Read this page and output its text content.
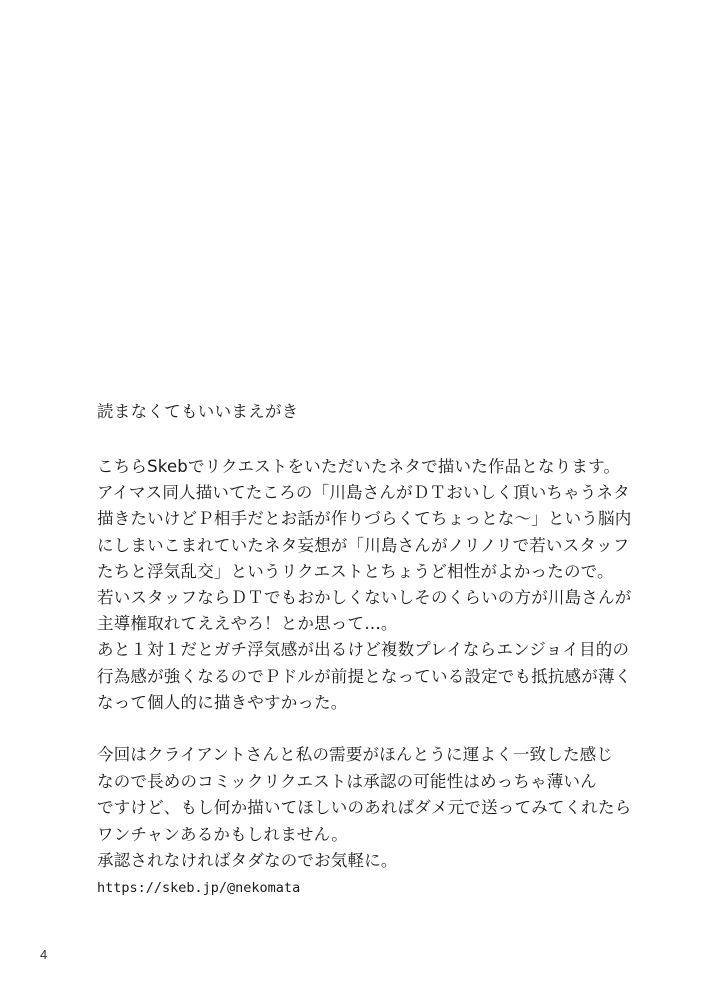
読まなくてもいいまえがき
こちらSkebでリクエストをいただいたネタで描いた作品となります。
アイマス同人描いてたころの「川島さんがＤＴおいしく頂いちゃうネタ
描きたいけどＰ相手だとお話が作りづらくてちょっとな～」という脳内
にしまいこまれていたネタ妄想が「川島さんがノリノリで若いスタッフ
たちと浮気乱交」というリクエストとちょうど相性がよかったので。
若いスタッフならＤＴでもおかしくないしそのくらいの方が川島さんが
主導権取れてええやろ！とか思って…。
あと１対１だとガチ浮気感が出るけど複数プレイならエンジョイ目的の
行為感が強くなるのでＰドルが前提となっている設定でも抵抗感が薄く
なって個人的に描きやすかった。
今回はクライアントさんと私の需要がほんとうに運よく一致した感じ
なので長めのコミックリクエストは承認の可能性はめっちゃ薄いん
ですけど、もし何か描いてほしいのあればダメ元で送ってみてくれたら
ワンチャンあるかもしれません。
承認されなければタダなのでお気軽に。
https://skeb.jp/@nekomata
4
